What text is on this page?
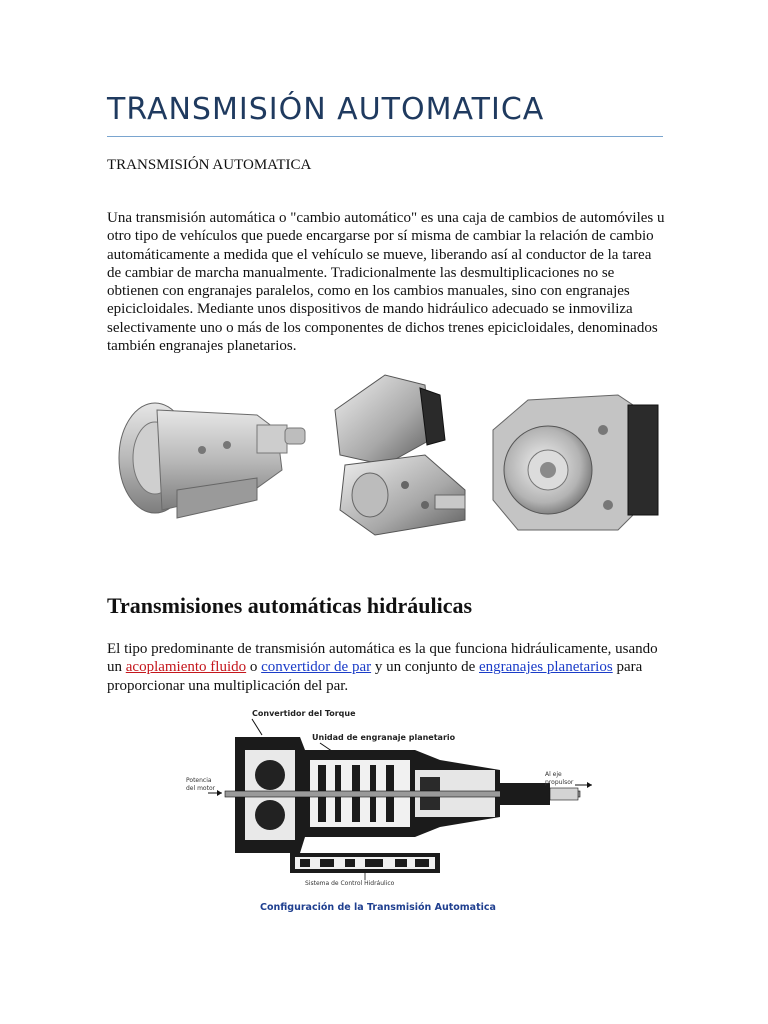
TRANSMISIÓN AUTOMATICA

TRANSMISIÓN AUTOMATICA

Una transmisión automática o "cambio automático" es una caja de cambios de automóviles u otro tipo de vehículos que puede encargarse por sí misma de cambiar la relación de cambio automáticamente a medida que el vehículo se mueve, liberando así al conductor de la tarea de cambiar de marcha manualmente. Tradicionalmente las desmultiplicaciones no se obtienen con engranajes paralelos, como en los cambios manuales, sino con engranajes epicicloidales. Mediante unos dispositivos de mando hidráulico adecuado se inmoviliza selectivamente uno o más de los componentes de dichos trenes epicicloidales, denominados también engranajes planetarios.

Transmisiones automáticas hidráulicas

El tipo predominante de transmisión automática es la que funciona hidráulicamente, usando un acoplamiento fluido o convertidor de par y un conjunto de engranajes planetarios para proporcionar una multiplicación del par.

Convertidor del Torque
Unidad de engranaje planetario
Potencia
del motor
Al eje
propulsor
Sistema de Control Hidráulico
Configuración de la Transmisión Automatica
